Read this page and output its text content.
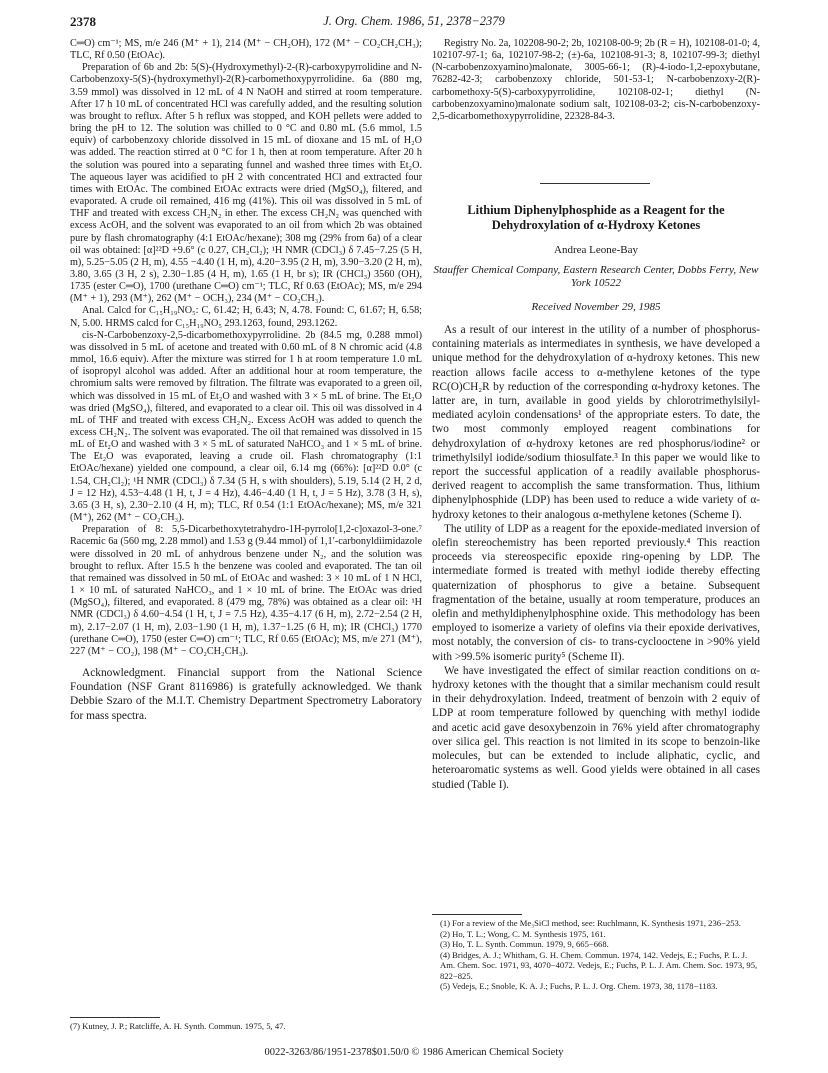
2378	J. Org. Chem. 1986, 51, 2378−2379

C═O) cm⁻¹; MS, m/e 246 (M⁺ + 1), 214 (M⁺ − CH₂OH), 172 (M⁺ − CO₂CH₂CH₃); TLC, Rf 0.50 (EtOAc).

Preparation of 6b and 2b: 5(S)-(Hydroxymethyl)-2-(R)-carboxypyrrolidine and N-Carbobenzoxy-5(S)-(hydroxymethyl)-2(R)-carbomethoxypyrrolidine. 6a (880 mg, 3.59 mmol) was dissolved in 12 mL of 4 N NaOH and stirred at room temperature. After 17 h 10 mL of concentrated HCl was carefully added, and the resulting solution was brought to reflux. After 5 h reflux was stopped, and KOH pellets were added to bring the pH to 12. The solution was chilled to 0 °C and 0.80 mL (5.6 mmol, 1.5 equiv) of carbobenzoxy chloride dissolved in 15 mL of dioxane and 15 mL of H₂O was added. The reaction stirred at 0 °C for 1 h, then at room temperature. After 20 h the solution was poured into a separating funnel and washed three times with Et₂O. The aqueous layer was acidified to pH 2 with concentrated HCl and extracted four times with EtOAc. The combined EtOAc extracts were dried (MgSO₄), filtered, and evaporated. A crude oil remained, 416 mg (41%). This oil was dissolved in 5 mL of THF and treated with excess CH₂N₂ in ether. The excess CH₂N₂ was quenched with excess AcOH, and the solvent was evaporated to an oil from which 2b was obtained pure by flash chromatography (4:1 EtOAc/hexane); 308 mg (29% from 6a) of a clear oil was obtained: [α]²²D +9.6° (c 0.27, CH₂Cl₂); ¹H NMR (CDCl₃) δ 7.45−7.25 (5 H, m), 5.25−5.05 (2 H, m), 4.55 −4.40 (1 H, m), 4.20−3.95 (2 H, m), 3.90−3.20 (2 H, m), 3.80, 3.65 (3 H, 2 s), 2.30−1.85 (4 H, m), 1.65 (1 H, br s); IR (CHCl₃) 3560 (OH), 1735 (ester C═O), 1700 (urethane C═O) cm⁻¹; TLC, Rf 0.63 (EtOAc); MS, m/e 294 (M⁺ + 1), 293 (M⁺), 262 (M⁺ − OCH₃), 234 (M⁺ − CO₂CH₃).

Anal. Calcd for C₁₅H₁₉NO₅: C, 61.42; H, 6.43; N, 4.78. Found: C, 61.67; H, 6.58; N, 5.00. HRMS calcd for C₁₅H₁₉NO₅ 293.1263, found, 293.1262.

cis-N-Carbobenzoxy-2,5-dicarbomethoxypyrrolidine. 2b (84.5 mg, 0.288 mmol) was dissolved in 5 mL of acetone and treated with 0.60 mL of 8 N chromic acid (4.8 mmol, 16.6 equiv). After the mixture was stirred for 1 h at room temperature 1.0 mL of isopropyl alcohol was added. After an additional hour at room temperature, the chromium salts were removed by filtration. The filtrate was evaporated to a green oil, which was dissolved in 15 mL of Et₂O and washed with 3 × 5 mL of brine. The Et₂O was dried (MgSO₄), filtered, and evaporated to a clear oil. This oil was dissolved in 4 mL of THF and treated with excess CH₂N₂. Excess AcOH was added to quench the excess CH₂N₂. The solvent was evaporated. The oil that remained was dissolved in 15 mL of Et₂O and washed with 3 × 5 mL of saturated NaHCO₃ and 1 × 5 mL of brine. The Et₂O was evaporated, leaving a crude oil. Flash chromatography (1:1 EtOAc/hexane) yielded one compound, a clear oil, 6.14 mg (66%): [α]²²D 0.0° (c 1.54, CH₂Cl₂); ¹H NMR (CDCl₃) δ 7.34 (5 H, s with shoulders), 5.19, 5.14 (2 H, 2 d, J = 12 Hz), 4.53−4.48 (1 H, t, J = 4 Hz), 4.46−4.40 (1 H, t, J = 5 Hz), 3.78 (3 H, s), 3.65 (3 H, s), 2.30−2.10 (4 H, m); TLC, Rf 0.54 (1:1 EtOAc/hexane); MS, m/e 321 (M⁺), 262 (M⁺ − CO₂CH₃).

Preparation of 8: 5,5-Dicarbethoxytetrahydro-1H-pyrrolo[1,2-c]oxazol-3-one.⁷ Racemic 6a (560 mg, 2.28 mmol) and 1.53 g (9.44 mmol) of 1,1′-carbonyldiimidazole were dissolved in 20 mL of anhydrous benzene under N₂, and the solution was brought to reflux. After 15.5 h the benzene was cooled and evaporated. The tan oil that remained was dissolved in 50 mL of EtOAc and washed: 3 × 10 mL of 1 N HCl, 1 × 10 mL of saturated NaHCO₃, and 1 × 10 mL of brine. The EtOAc was dried (MgSO₄), filtered, and evaporated. 8 (479 mg, 78%) was obtained as a clear oil: ¹H NMR (CDCl₃) δ 4.60−4.54 (1 H, t, J = 7.5 Hz), 4.35−4.17 (6 H, m), 2.72−2.54 (2 H, m), 2.17−2.07 (1 H, m), 2.03−1.90 (1 H, m), 1.37−1.25 (6 H, m); IR (CHCl₃) 1770 (urethane C═O), 1750 (ester C═O) cm⁻¹; TLC, Rf 0.65 (EtOAc); MS, m/e 271 (M⁺), 227 (M⁺ − CO₂), 198 (M⁺ − CO₂CH₂CH₃).

Acknowledgment. Financial support from the National Science Foundation (NSF Grant 8116986) is gratefully acknowledged. We thank Debbie Szaro of the M.I.T. Chemistry Department Spectrometry Laboratory for mass spectra.

(7) Kutney, J. P.; Ratcliffe, A. H. Synth. Commun. 1975, 5, 47.

Registry No. 2a, 102208-90-2; 2b, 102108-00-9; 2b (R = H), 102108-01-0; 4, 102107-97-1; 6a, 102107-98-2; (±)-6a, 102108-91-3; 8, 102107-99-3; diethyl (N-carbobenzoxyamino)malonate, 3005-66-1; (R)-4-iodo-1,2-epoxybutane, 76282-42-3; carbobenzoxy chloride, 501-53-1; N-carbobenzoxy-2(R)-carbomethoxy-5(S)-carboxypyrrolidine, 102108-02-1; diethyl (N-carbobenzoxyamino)malonate sodium salt, 102108-03-2; cis-N-carbobenzoxy-2,5-dicarbomethoxypyrrolidine, 22328-84-3.

Lithium Diphenylphosphide as a Reagent for the Dehydroxylation of α-Hydroxy Ketones
Andrea Leone-Bay
Stauffer Chemical Company, Eastern Research Center, Dobbs Ferry, New York 10522
Received November 29, 1985

As a result of our interest in the utility of a number of phosphorus-containing materials as intermediates in synthesis, we have developed a unique method for the dehydroxylation of α-hydroxy ketones. This new reaction allows facile access to α-methylene ketones of the type RC(O)CH₂R by reduction of the corresponding α-hydroxy ketones. The latter are, in turn, available in good yields by chlorotrimethylsilyl-mediated acyloin condensations¹ of the appropriate esters. To date, the two most commonly employed reagent combinations for dehydroxylation of α-hydroxy ketones are red phosphorus/iodine² or trimethylsilyl iodide/sodium thiosulfate.³ In this paper we would like to report the successful application of a readily available phosphorus-derived reagent to accomplish the same transformation. Thus, lithium diphenylphosphide (LDP) has been used to reduce a wide variety of α-hydroxy ketones to their analogous α-methylene ketones (Scheme I).

The utility of LDP as a reagent for the epoxide-mediated inversion of olefin stereochemistry has been reported previously.⁴ This reaction proceeds via stereospecific epoxide ring-opening by LDP. The intermediate formed is treated with methyl iodide thereby effecting quaternization of phosphorus to give a betaine. Subsequent fragmentation of the betaine, usually at room temperature, produces an olefin and methyldiphenylphosphine oxide. This methodology has been employed to isomerize a variety of olefins via their epoxide derivatives, most notably, the conversion of cis- to trans-cyclooctene in >90% yield with >99.5% isomeric purity⁵ (Scheme II).

We have investigated the effect of similar reaction conditions on α-hydroxy ketones with the thought that a similar mechanism could result in their dehydroxylation. Indeed, treatment of benzoin with 2 equiv of LDP at room temperature followed by quenching with methyl iodide and acetic acid gave desoxybenzoin in 76% yield after chromatography over silica gel. This reaction is not limited in its scope to benzoin-like molecules, but can be extended to include aliphatic, cyclic, and heteroaromatic systems as well. Good yields were obtained in all cases studied (Table I).

(1) For a review of the Me₃SiCl method, see: Ruchlmann, K. Synthesis 1971, 236−253.
(2) Ho, T. L.; Wong, C. M. Synthesis 1975, 161.
(3) Ho, T. L. Synth. Commun. 1979, 9, 665−668.
(4) Bridges, A. J.; Whitham, G. H. Chem. Commun. 1974, 142. Vedejs, E.; Fuchs, P. L. J. Am. Chem. Soc. 1971, 93, 4070−4072. Vedejs, E.; Fuchs, P. L. J. Am. Chem. Soc. 1973, 95, 822−825.
(5) Vedejs, E.; Snoble, K. A. J.; Fuchs, P. L. J. Org. Chem. 1973, 38, 1178−1183.
0022-3263/86/1951-2378$01.50/0 © 1986 American Chemical Society
